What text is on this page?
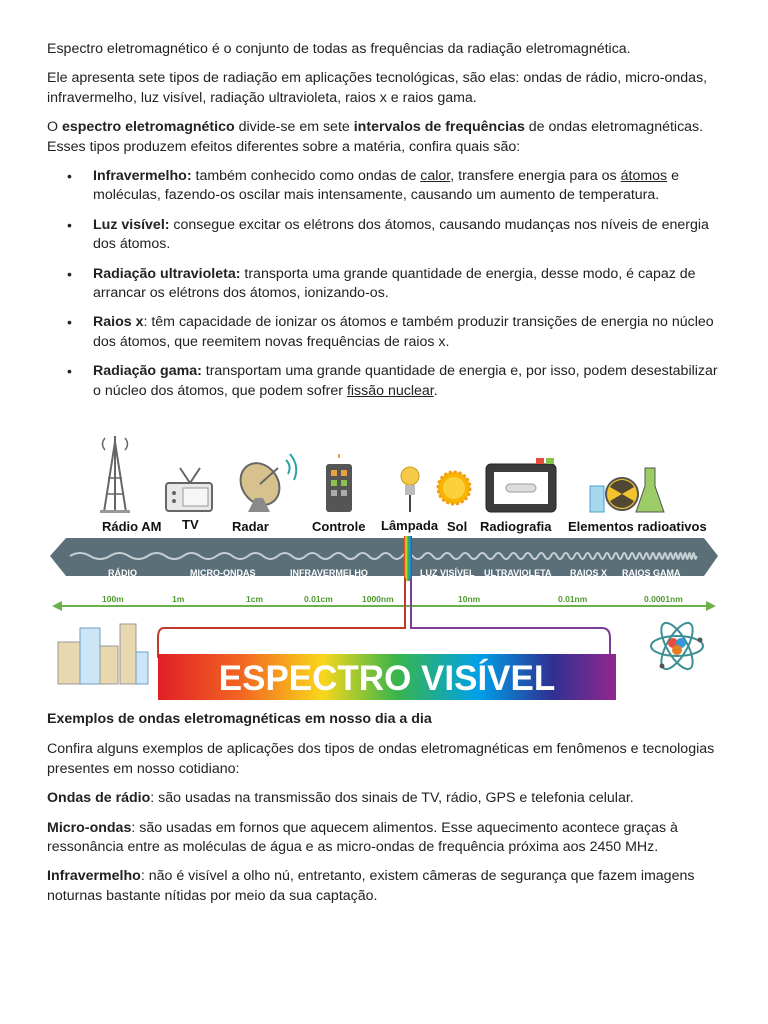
Espectro eletromagnético é o conjunto de todas as frequências da radiação eletromagnética.

Ele apresenta sete tipos de radiação em aplicações tecnológicas, são elas: ondas de rádio, micro-ondas, infravermelho, luz visível, radiação ultravioleta, raios x e raios gama.

O espectro eletromagnético divide-se em sete intervalos de frequências de ondas eletromagnéticas. Esses tipos produzem efeitos diferentes sobre a matéria, confira quais são:

• Infravermelho: também conhecido como ondas de calor, transfere energia para os átomos e moléculas, fazendo-os oscilar mais intensamente, causando um aumento de temperatura.
• Luz visível: consegue excitar os elétrons dos átomos, causando mudanças nos níveis de energia dos átomos.
• Radiação ultravioleta: transporta uma grande quantidade de energia, desse modo, é capaz de arrancar os elétrons dos átomos, ionizando-os.
• Raios x: têm capacidade de ionizar os átomos e também produzir transições de energia no núcleo dos átomos, que reemitem novas frequências de raios x.
• Radiação gama: transportam uma grande quantidade de energia e, por isso, podem desestabilizar o núcleo dos átomos, que podem sofrer fissão nuclear.
Rádio AM TV	Radar	Controle Lâmpada Sol Radiografia Elementos radioativos
RÁDIO	MICRO-ONDAS	INFRAVERMELHO	LUZ VISÍVEL ULTRAVIOLETA RAIOS X RAIOS GAMA
100m	1m	1cm	0.01cm	1000nm	10nm	0.01nm	0.0001nm
ESPECTRO VISÍVEL
Exemplos de ondas eletromagnéticas em nosso dia a dia

Confira alguns exemplos de aplicações dos tipos de ondas eletromagnéticas em fenômenos e tecnologias presentes em nosso cotidiano:

Ondas de rádio: são usadas na transmissão dos sinais de TV, rádio, GPS e telefonia celular.

Micro-ondas: são usadas em fornos que aquecem alimentos. Esse aquecimento acontece graças à ressonância entre as moléculas de água e as micro-ondas de frequência próxima aos 2450 MHz.

Infravermelho: não é visível a olho nú, entretanto, existem câmeras de segurança que fazem imagens noturnas bastante nítidas por meio da sua captação.
